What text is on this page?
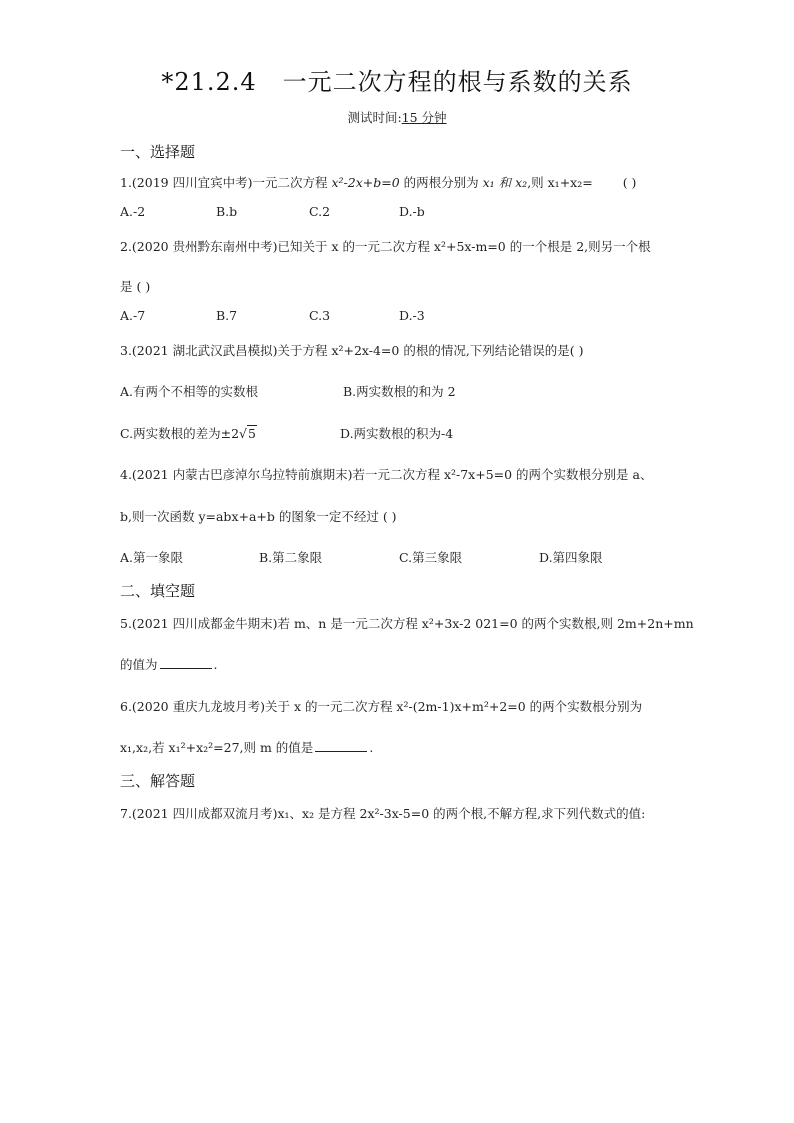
*21.2.4 一元二次方程的根与系数的关系
测试时间:15 分钟
一、选择题
1.(2019 四川宜宾中考)一元二次方程 x²-2x+b=0 的两根分别为 x₁ 和 x₂,则 x₁+x₂= ( )
A.-2	B.b	C.2	D.-b
2.(2020 贵州黔东南州中考)已知关于 x 的一元二次方程 x²+5x-m=0 的一个根是 2,则另一个根
是 ( )
A.-7	B.7	C.3	D.-3
3.(2021 湖北武汉武昌模拟)关于方程 x²+2x-4=0 的根的情况,下列结论错误的是( )
A.有两个不相等的实数根	B.两实数根的和为 2
C.两实数根的差为±2√5	D.两实数根的积为-4
4.(2021 内蒙古巴彦淖尔乌拉特前旗期末)若一元二次方程 x²-7x+5=0 的两个实数根分别是 a、
b,则一次函数 y=abx+a+b 的图象一定不经过 ( )
A.第一象限	B.第二象限	C.第三象限	D.第四象限
二、填空题
5.(2021 四川成都金牛期末)若 m、n 是一元二次方程 x²+3x-2 021=0 的两个实数根,则 2m+2n+mn
的值为	.
6.(2020 重庆九龙坡月考)关于 x 的一元二次方程 x²-(2m-1)x+m²+2=0 的两个实数根分别为
x₁,x₂,若 x₁²+x₂²=27,则 m 的值是	.
三、解答题
7.(2021 四川成都双流月考)x₁、x₂ 是方程 2x²-3x-5=0 的两个根,不解方程,求下列代数式的值:
